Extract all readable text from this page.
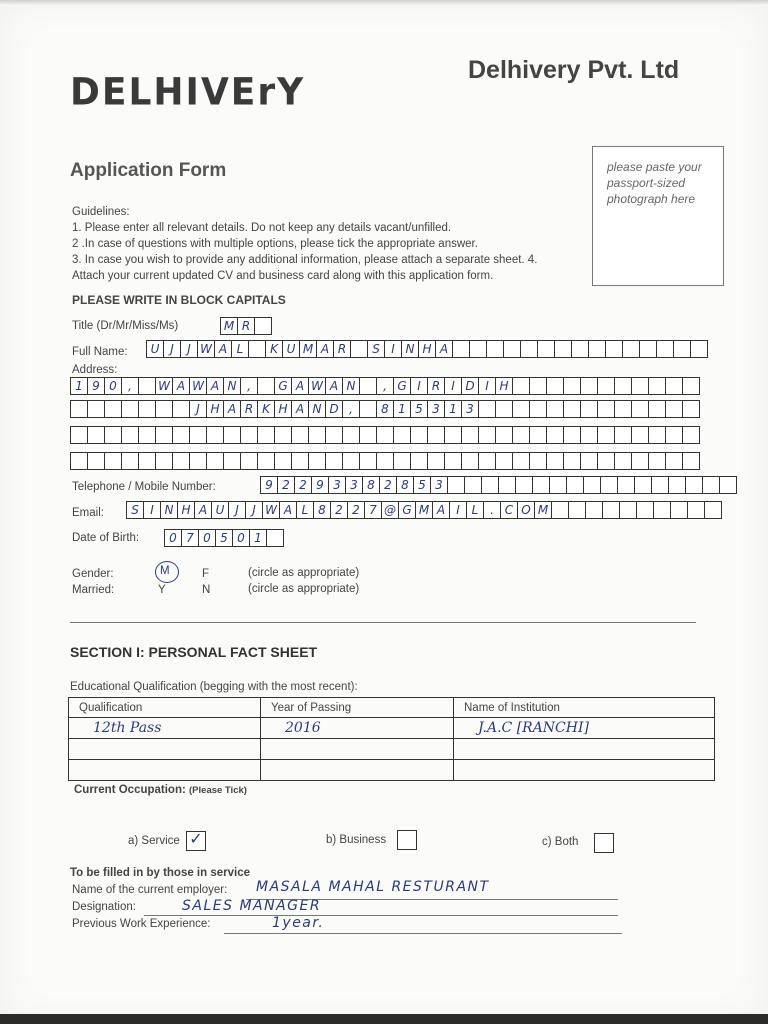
DELHIVErY
Delhivery Pvt. Ltd
Application Form	please paste your
passport-sized
photograph here
Guidelines:
1. Please enter all relevant details. Do not keep any details vacant/unfilled.
2 .In case of questions with multiple options, please tick the appropriate answer.
3. In case you wish to provide any additional information, please attach a separate sheet. 4.
Attach your current updated CV and business card along with this application form.
PLEASE WRITE IN BLOCK CAPITALS
Title (Dr/Mr/Miss/Ms)	M R
Full Name:	U J	J W A L	K U M A R	S I N H A
Address:
1 9 0 ,	W A W A N ,	G A W A N	, G I R I D I H
J H A R K H A N D ,	8 1 5 3 1 3
Telephone / Mobile Number:	9 2 2 9 3 3 8 2 8 5 3
Email:	S I N H A U J	J W A L 8 2 2 7 @ G M A I L . C O M
Date of Birth:	0 7 0 5 0 1
Gender:	M	F	(circle as appropriate)
Married:	Y	N	(circle as appropriate)
SECTION I: PERSONAL FACT SHEET
Educational Qualification (begging with the most recent):
Qualification	Year of Passing	Name of Institution
12th Pass	2016	J.A.C [RANCHI]

Current Occupation: (Please Tick)
a) Service ✓	b) Business	c) Both
To be filled in by those in service
Name of the current employer: MASALA MAHAL RESTURANT
Designation:	SALES MANAGER
Previous Work Experience:	1year.
